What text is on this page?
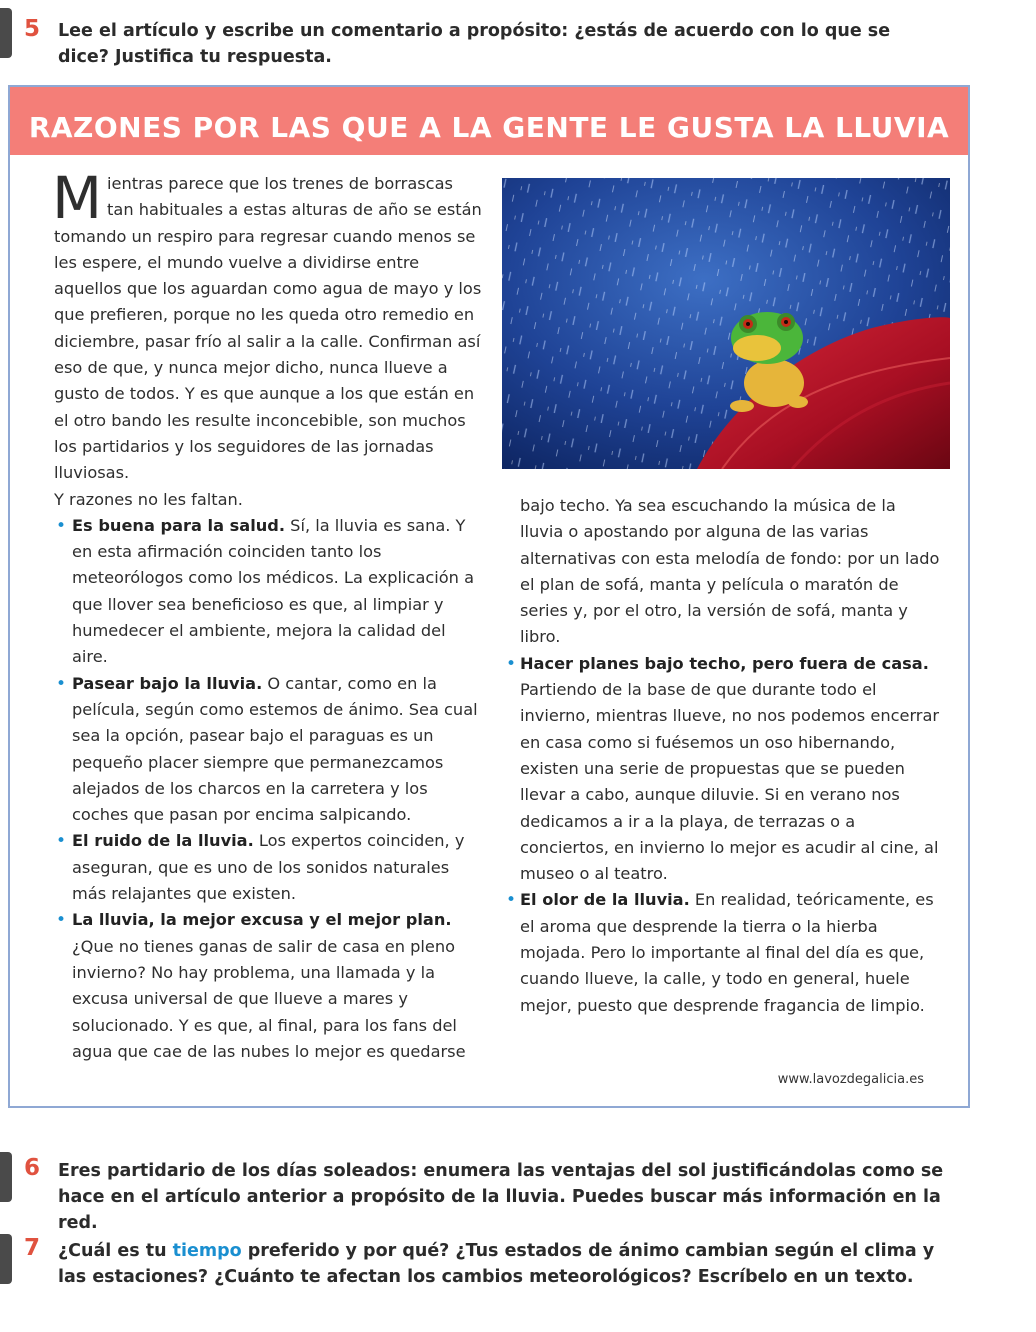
5 Lee el artículo y escribe un comentario a propósito: ¿estás de acuerdo con lo que se dice? Justifica tu respuesta.
RAZONES POR LAS QUE A LA GENTE LE GUSTA LA LLUVIA
M ientras parece que los trenes de borrascas tan habituales a estas alturas de año se están tomando un respiro para regresar cuando menos se les espere, el mundo vuelve a dividirse entre aquellos que los aguardan como agua de mayo y los que prefieren, porque no les queda otro remedio en diciembre, pasar frío al salir a la calle. Confirman así eso de que, y nunca mejor dicho, nunca llueve a gusto de todos. Y es que aunque a los que están en el otro bando les resulte inconcebible, son muchos los partidarios y los seguidores de las jornadas lluviosas.

Y razones no les faltan.

• Es buena para la salud. Sí, la lluvia es sana. Y en esta afirmación coinciden tanto los meteorólogos como los médicos. La explicación a que llover sea beneficioso es que, al limpiar y humedecer el ambiente, mejora la calidad del aire.
• Pasear bajo la lluvia. O cantar, como en la película, según como estemos de ánimo. Sea cual sea la opción, pasear bajo el paraguas es un pequeño placer siempre que permanezcamos alejados de los charcos en la carretera y los coches que pasan por encima salpicando.
• El ruido de la lluvia. Los expertos coinciden, y aseguran, que es uno de los sonidos naturales más relajantes que existen.
• La lluvia, la mejor excusa y el mejor plan. ¿Que no tienes ganas de salir de casa en pleno invierno? No hay problema, una llamada y la excusa universal de que llueve a mares y solucionado. Y es que, al final, para los fans del agua que cae de las nubes lo mejor es quedarse

bajo techo. Ya sea escuchando la música de la lluvia o apostando por alguna de las varias alternativas con esta melodía de fondo: por un lado el plan de sofá, manta y película o maratón de series y, por el otro, la versión de sofá, manta y libro.

• Hacer planes bajo techo, pero fuera de casa. Partiendo de la base de que durante todo el invierno, mientras llueve, no nos podemos encerrar en casa como si fuésemos un oso hibernando, existen una serie de propuestas que se pueden llevar a cabo, aunque diluvie. Si en verano nos dedicamos a ir a la playa, de terrazas o a conciertos, en invierno lo mejor es acudir al cine, al museo o al teatro.
• El olor de la lluvia. En realidad, teóricamente, es el aroma que desprende la tierra o la hierba mojada. Pero lo importante al final del día es que, cuando llueve, la calle, y todo en general, huele mejor, puesto que desprende fragancia de limpio.
www.lavozdegalicia.es
6 Eres partidario de los días soleados: enumera las ventajas del sol justificándolas como se hace en el artículo anterior a propósito de la lluvia. Puedes buscar más información en la red.
7 ¿Cuál es tu tiempo preferido y por qué? ¿Tus estados de ánimo cambian según el clima y las estaciones? ¿Cuánto te afectan los cambios meteorológicos? Escríbelo en un texto.
